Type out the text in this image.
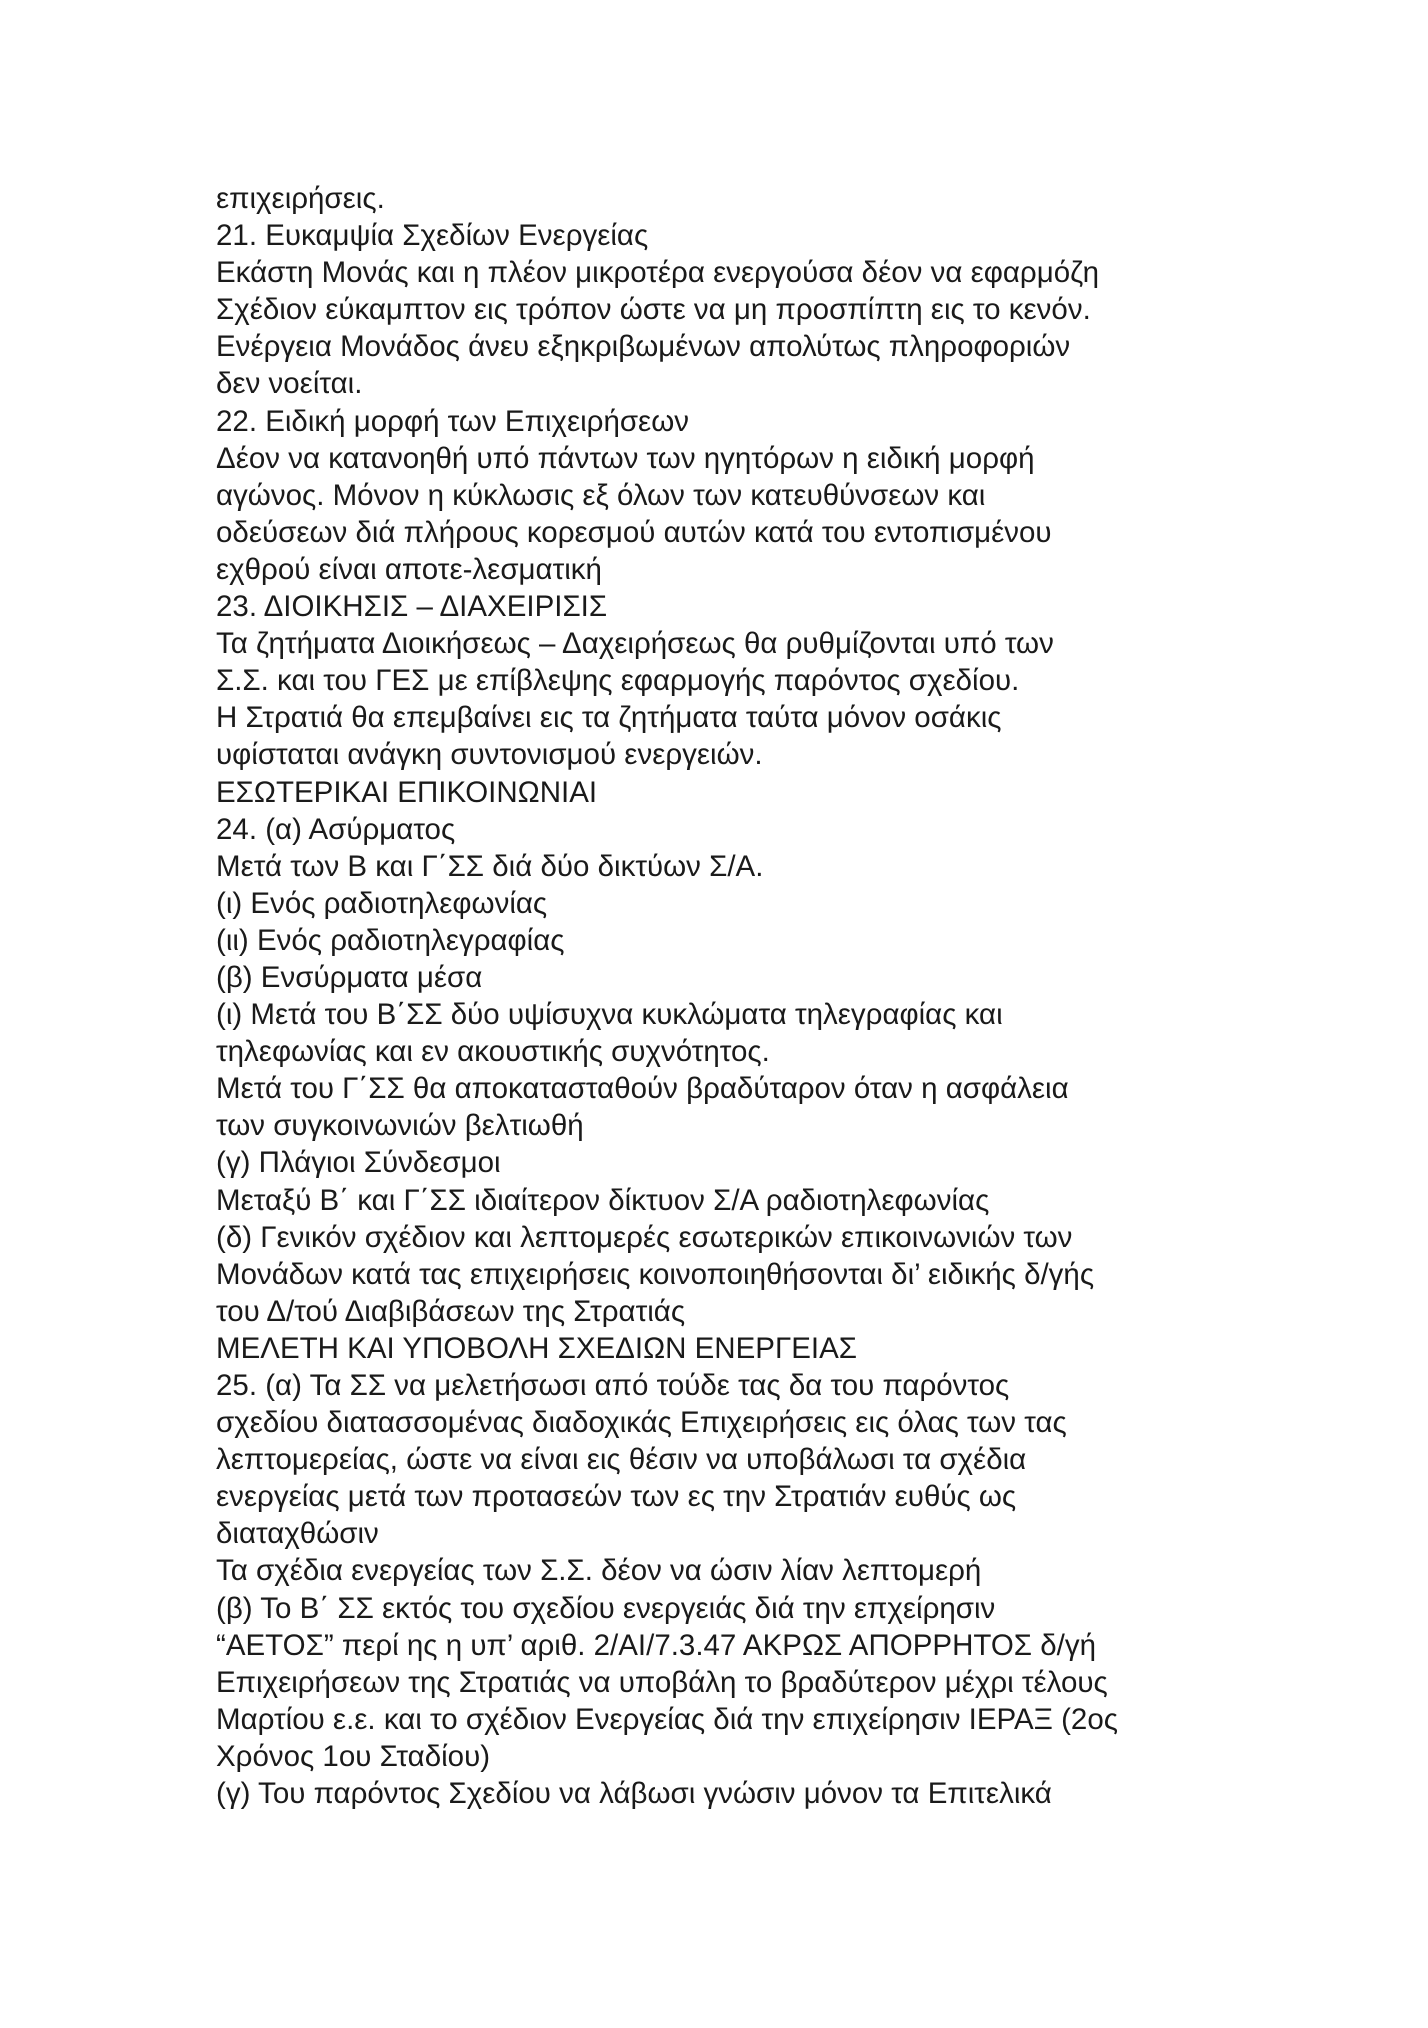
επιχειρήσεις.
21. Ευκαμψία Σχεδίων Ενεργείας
Εκάστη Μονάς και η πλέον μικροτέρα ενεργούσα δέον να εφαρμόζη
Σχέδιον εύκαμπτον εις τρόπον ώστε να μη προσπίπτη εις το κενόν.
Ενέργεια Μονάδος άνευ εξηκριβωμένων απολύτως πληροφοριών
δεν νοείται.
22. Ειδική μορφή των Επιχειρήσεων
Δέον να κατανοηθή υπό πάντων των ηγητόρων η ειδική μορφή
αγώνος. Μόνον η κύκλωσις εξ όλων των κατευθύνσεων και
οδεύσεων διά πλήρους κορεσμού αυτών κατά του εντοπισμένου
εχθρού είναι αποτε-λεσματική
23. ΔΙΟΙΚΗΣΙΣ – ΔΙΑΧΕΙΡΙΣΙΣ
Τα ζητήματα Διοικήσεως – Δαχειρήσεως θα ρυθμίζονται υπό των
Σ.Σ. και του ΓΕΣ με επίβλεψης εφαρμογής παρόντος σχεδίου.
Η Στρατιά θα επεμβαίνει εις τα ζητήματα ταύτα μόνον οσάκις
υφίσταται ανάγκη συντονισμού ενεργειών.
ΕΣΩΤΕΡΙΚΑΙ ΕΠΙΚΟΙΝΩΝΙΑΙ
24. (α) Ασύρματος
Μετά των Β και Γ΄ΣΣ διά δύο δικτύων Σ/Α.
(ι) Ενός ραδιοτηλεφωνίας
(ιι) Ενός ραδιοτηλεγραφίας
(β) Ενσύρματα μέσα
(ι) Μετά του Β΄ΣΣ δύο υψίσυχνα κυκλώματα τηλεγραφίας και
τηλεφωνίας και εν ακουστικής συχνότητος.
Μετά του Γ΄ΣΣ θα αποκατασταθούν βραδύταρον όταν η ασφάλεια
των συγκοινωνιών βελτιωθή
(γ) Πλάγιοι Σύνδεσμοι
Μεταξύ Β΄ και Γ΄ΣΣ ιδιαίτερον δίκτυον Σ/Α ραδιοτηλεφωνίας
(δ) Γενικόν σχέδιον και λεπτομερές εσωτερικών επικοινωνιών των
Μονάδων κατά τας επιχειρήσεις κοινοποιηθήσονται δι’ ειδικής δ/γής
του Δ/τού Διαβιβάσεων της Στρατιάς
ΜΕΛΕΤΗ ΚΑΙ ΥΠΟΒΟΛΗ ΣΧΕΔΙΩΝ ΕΝΕΡΓΕΙΑΣ
25. (α) Τα ΣΣ να μελετήσωσι από τούδε τας δα του παρόντος
σχεδίου διατασσομένας διαδοχικάς Επιχειρήσεις εις όλας των τας
λεπτομερείας, ώστε να είναι εις θέσιν να υποβάλωσι τα σχέδια
ενεργείας μετά των προτασεών των ες την Στρατιάν ευθύς ως
διαταχθώσιν
Τα σχέδια ενεργείας των Σ.Σ. δέον να ώσιν λίαν λεπτομερή
(β) Το Β΄ ΣΣ εκτός του σχεδίου ενεργειάς διά την επχείρησιν
“ΑΕΤΟΣ” περί ης η υπ’ αριθ. 2/ΑΙ/7.3.47 ΑΚΡΩΣ ΑΠΟΡΡΗΤΟΣ δ/γή
Επιχειρήσεων της Στρατιάς να υποβάλη το βραδύτερον μέχρι τέλους
Μαρτίου ε.ε. και το σχέδιον Ενεργείας διά την επιχείρησιν ΙΕΡΑΞ (2ος
Χρόνος 1ου Σταδίου)
(γ) Του παρόντος Σχεδίου να λάβωσι γνώσιν μόνον τα Επιτελικά
